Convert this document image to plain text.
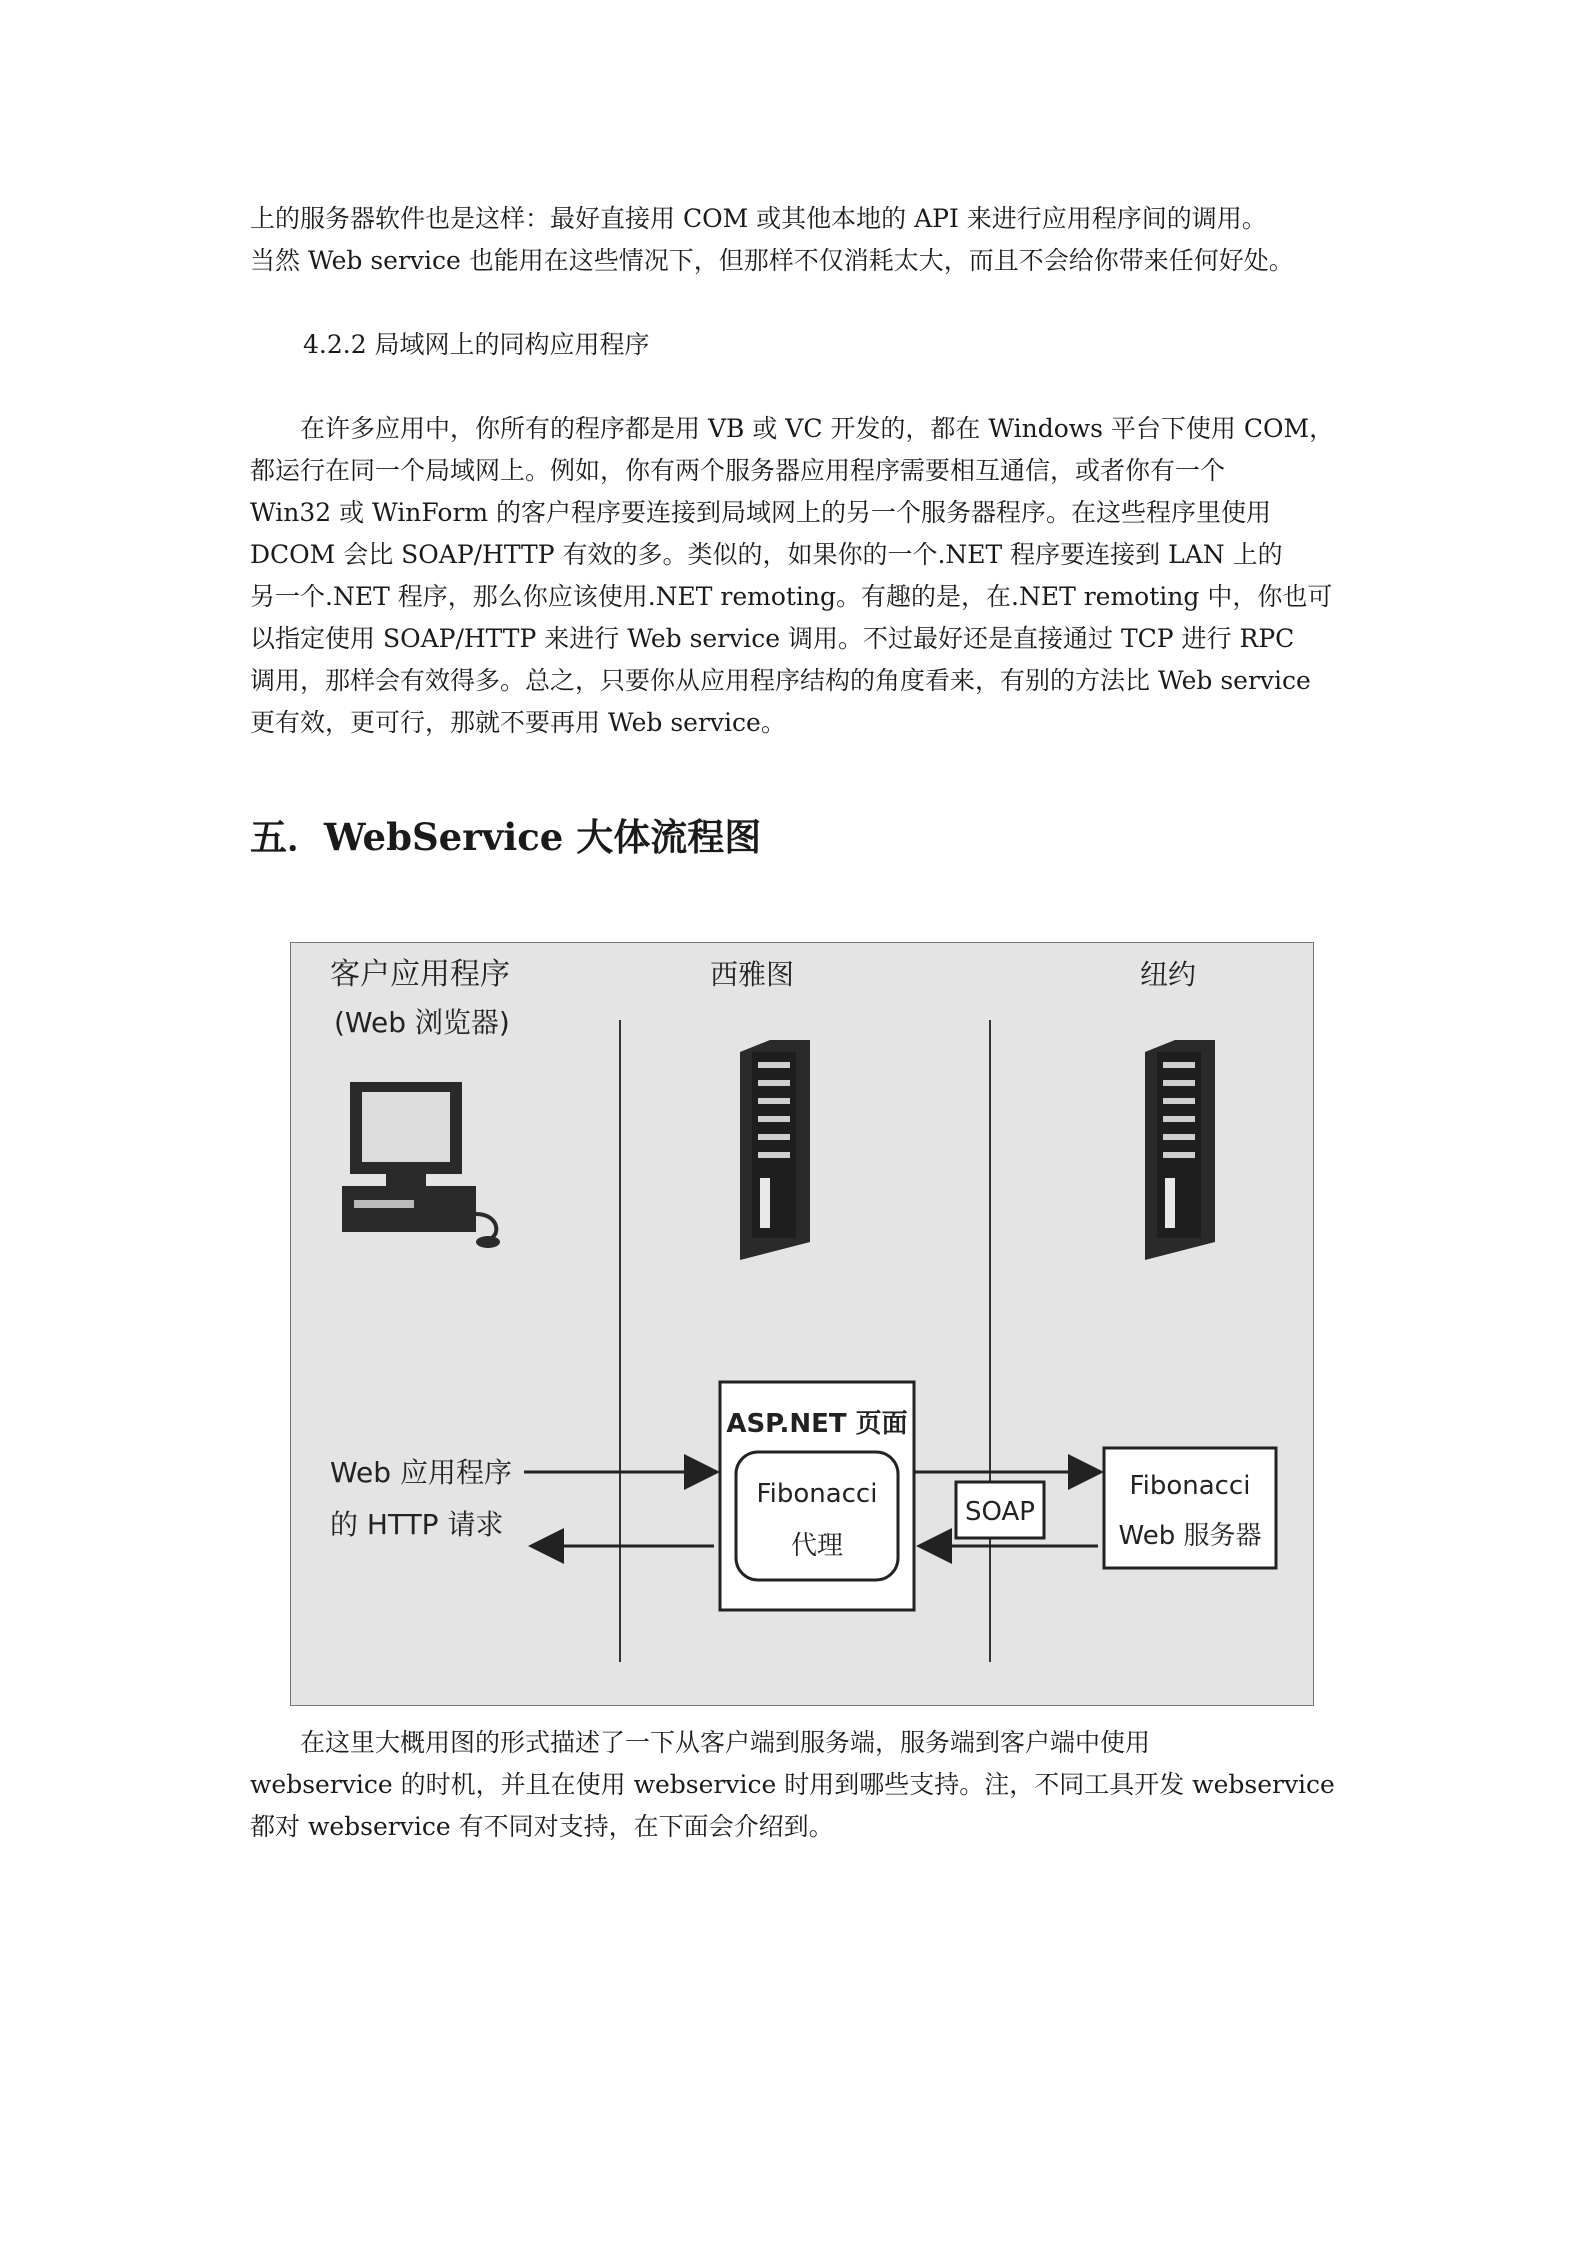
上的服务器软件也是这样：最好直接用 COM 或其他本地的 API 来进行应用程序间的调用。
当然 Web service 也能用在这些情况下，但那样不仅消耗太大，而且不会给你带来任何好处。

4.2.2 局域网上的同构应用程序

　　在许多应用中，你所有的程序都是用 VB 或 VC 开发的，都在 Windows 平台下使用 COM，
都运行在同一个局域网上。例如，你有两个服务器应用程序需要相互通信，或者你有一个
Win32 或 WinForm 的客户程序要连接到局域网上的另一个服务器程序。在这些程序里使用
DCOM 会比 SOAP/HTTP 有效的多。类似的，如果你的一个.NET 程序要连接到 LAN 上的
另一个.NET 程序，那么你应该使用.NET remoting。有趣的是，在.NET remoting 中，你也可
以指定使用 SOAP/HTTP 来进行 Web service 调用。不过最好还是直接通过 TCP 进行 RPC
调用，那样会有效得多。总之，只要你从应用程序结构的角度看来，有别的方法比 Web service
更有效，更可行，那就不要再用 Web service。

五．WebService 大体流程图
客户应用程序
(Web 浏览器)
西雅图	纽约
Web 应用程序
的 HTTP 请求
ASP.NET 页面
Fibonacci
代理
SOAP
Fibonacci
Web 服务器

　　在这里大概用图的形式描述了一下从客户端到服务端，服务端到客户端中使用
webservice 的时机，并且在使用 webservice 时用到哪些支持。注，不同工具开发 webservice
都对 webservice 有不同对支持，在下面会介绍到。
